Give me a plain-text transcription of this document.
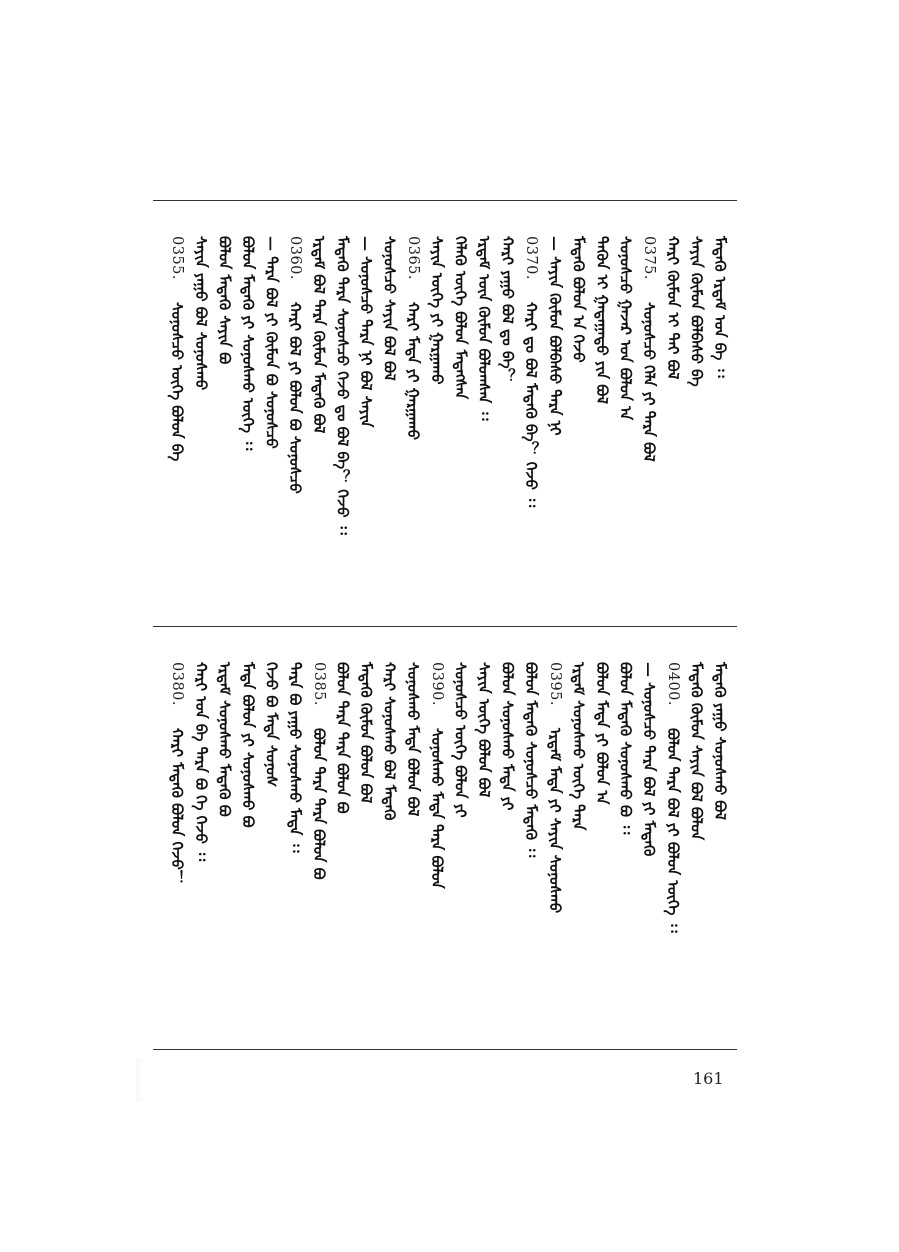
ᠮᠡᠳᠡᠬᠦ ᠡᠷᠳᠡᠮ ᠤᠨ ᠪᠠ ᠄᠄
ᠰᠠᠶᠢᠨ ᠬᠦᠮᠦᠨ ᠪᠣᠯᠪᠠᠰᠤ ᠪᠡ
ᠬᠠᠷᠢ ᠬᠦᠮᠦᠨ ᠢ ᠲᠡᠢ ᠪᠣᠯ
0375.
ᠰᠣᠨᠣᠰᠴᠤ ᠬᠡᠯᠡ ᠶᠢ ᠲᠡᠷᠡ ᠪᠣᠯ
ᠰᠣᠨᠣᠰᠴᠤ ᠭᠠᠵᠠᠷ ᠤᠨ ᠪᠣᠯᠤᠨ ᠠ
ᠲᠡᠭᠦᠨ ᠢ ᠭᠠᠳᠠᠭᠠᠳᠤ ᠶᠢᠨ ᠪᠣᠯ
ᠮᠡᠳᠡᠬᠦ ᠪᠣᠯᠤᠨ ᠠ ᠭᠡᠵᠦ
— ᠰᠠᠶᠢᠨ ᠬᠦᠮᠦᠨ ᠪᠣᠯᠪᠠᠰᠤ ᠲᠡᠷᠡ ᠨᠢ
0370.
ᠬᠠᠷᠢ ᠳᠤ ᠪᠣᠯ ᠮᠡᠳᠡᠬᠦ ᠪᠠ？ ᠭᠡᠵᠦ ᠄᠄
ᠬᠠᠷᠢ ᠶᠠᠭᠤ ᠪᠣᠯ ᠳᠤ ᠪᠠ？
ᠡᠷᠳᠡᠮ ᠦᠨ ᠬᠦᠮᠦᠨ ᠪᠣᠯᠤᠭᠰᠠᠨ ᠄᠄
ᠬᠡᠯᠡᠬᠦ ᠦᠭᠡ ᠪᠣᠯᠤᠨ ᠮᠡᠳᠡᠭᠰᠡᠨ
ᠰᠠᠶᠢᠨ ᠦᠭᠡ ᠶᠢ ᠭᠠᠷᠭᠠᠬᠤ
0365.
ᠬᠠᠷᠢ ᠮᠡᠳᠡ ᠶᠢ ᠭᠠᠷᠭᠠᠬᠤ
ᠰᠣᠨᠣᠰᠴᠤ ᠰᠠᠶᠢᠨ ᠪᠣᠯ ᠪᠣᠯ
— ᠰᠣᠨᠣᠰᠴᠤ ᠲᠡᠷᠡ ᠨᠢ ᠪᠣᠯ ᠰᠠᠶᠢᠨ
ᠮᠡᠳᠡᠬᠦ ᠲᠡᠷᠡ ᠰᠣᠨᠣᠰᠴᠤ ᠭᠡᠵᠦ ᠳᠤ ᠪᠣᠯ ᠪᠠ？ ᠭᠡᠵᠦ ᠄᠄
ᠡᠷᠳᠡᠮ ᠪᠣᠯ ᠲᠡᠷᠡ ᠬᠦᠮᠦᠨ ᠮᠡᠳᠡᠬᠦ ᠪᠣᠯ
0360.
ᠬᠠᠷᠢ ᠪᠣᠯ ᠶᠢ ᠪᠣᠯᠤᠨ ᠪᠣ ᠰᠣᠨᠣᠰᠴᠤ
— ᠲᠡᠷᠡ ᠪᠣᠯ ᠶᠢ ᠬᠦᠮᠦᠨ ᠪᠣ ᠰᠣᠨᠣᠰᠴᠤ
ᠪᠣᠯᠤᠨ ᠮᠡᠳᠡᠬᠦ ᠶᠢ ᠰᠣᠨᠣᠰᠬᠤ ᠦᠭᠡ ᠄᠄
ᠪᠣᠯᠤᠨ ᠮᠡᠳᠡᠬᠦ ᠰᠠᠶᠢᠨ ᠪᠣ
ᠰᠠᠶᠢᠨ ᠶᠠᠭᠤ ᠪᠣᠯ ᠰᠣᠨᠣᠰᠬᠤ
0355.
ᠰᠣᠨᠣᠰᠴᠤ ᠦᠭᠡ ᠪᠣᠯᠤᠨ ᠪᠠ
ᠮᠡᠳᠡᠬᠦ ᠶᠠᠭᠤ ᠰᠣᠨᠣᠰᠬᠤ ᠪᠣᠯ
ᠮᠡᠳᠡᠬᠦ ᠬᠦᠮᠦᠨ ᠰᠠᠶᠢᠨ ᠪᠣᠯ ᠪᠣᠯᠤᠨ
0400.
ᠪᠣᠯᠤᠨ ᠲᠡᠷᠡ ᠪᠣᠯ ᠶᠢ ᠪᠣᠯᠤᠨ ᠦᠭᠡ ᠄᠄
— ᠰᠣᠨᠣᠰᠴᠤ ᠲᠡᠷᠡ ᠪᠣᠯ ᠶᠢ ᠮᠡᠳᠡᠬᠦ
ᠪᠣᠯᠤᠨ ᠮᠡᠳᠡᠬᠦ ᠰᠣᠨᠣᠰᠬᠤ ᠪᠣ ᠄᠄
ᠪᠣᠯᠤᠨ ᠮᠡᠳᠡ ᠶᠢ ᠪᠣᠯᠤᠨ ᠠ
ᠡᠷᠳᠡᠮ ᠰᠣᠨᠣᠰᠬᠤ ᠦᠭᠡ ᠲᠡᠷᠡ
0395.
ᠡᠷᠳᠡᠮ ᠮᠡᠳᠡ ᠶᠢ ᠰᠠᠶᠢᠨ ᠰᠣᠨᠣᠰᠬᠤ
ᠪᠣᠯᠤᠨ ᠮᠡᠳᠡᠬᠦ ᠰᠣᠨᠣᠰᠴᠤ ᠮᠡᠳᠡᠬᠦ ᠄᠄
ᠪᠣᠯᠤᠨ ᠰᠣᠨᠣᠰᠬᠤ ᠮᠡᠳᠡ ᠶᠢ
ᠰᠠᠶᠢᠨ ᠦᠭᠡ ᠪᠣᠯᠤᠨ ᠪᠣᠯ
ᠰᠣᠨᠣᠰᠴᠤ ᠦᠭᠡ ᠪᠣᠯᠤᠨ ᠶᠢ
0390.
ᠰᠣᠨᠣᠰᠬᠤ ᠮᠡᠳᠡ ᠲᠡᠷᠡ ᠪᠣᠯᠤᠨ
ᠰᠣᠨᠣᠰᠬᠤ ᠮᠡᠳᠡ ᠪᠣᠯᠤᠨ ᠪᠣᠯ
ᠬᠠᠷᠢ ᠰᠣᠨᠣᠰᠬᠤ ᠪᠣᠯ ᠮᠡᠳᠡᠬᠦ
ᠮᠡᠳᠡᠬᠦ ᠬᠦᠮᠦᠨ ᠪᠣᠯᠤᠨ ᠪᠣᠯ
ᠪᠣᠯᠤᠨ ᠲᠡᠷᠡ ᠲᠡᠷᠡ ᠪᠣᠯᠤᠨ ᠪᠣ
0385.
ᠪᠣᠯᠤᠨ ᠲᠡᠷᠡ ᠲᠡᠷᠡ ᠪᠣᠯᠤᠨ ᠪᠣ
ᠲᠡᠷᠡ ᠪᠣ ᠶᠠᠭᠤ ᠰᠣᠨᠣᠰᠬᠤ ᠮᠡᠳᠡ ᠄᠄
ᠭᠡᠵᠦ ᠪᠣ ᠮᠡᠳᠡ ᠰᠣᠨᠣᠰ
ᠮᠡᠳᠡ ᠪᠣᠯᠤᠨ ᠶᠢ ᠰᠣᠨᠣᠰᠬᠤ ᠪᠣ
ᠡᠷᠳᠡᠮ ᠰᠣᠨᠣᠰᠬᠤ ᠮᠡᠳᠡᠬᠦ ᠪᠣ
ᠬᠠᠷᠢ ᠤᠨ ᠪᠠ ᠲᠡᠷᠡ ᠪᠣ ᠭᠡ ᠭᠡᠵᠦ ᠄᠄
0380.
ᠬᠠᠷᠢ ᠮᠡᠳᠡᠬᠦ ᠪᠣᠯᠤᠨ ᠭᠡᠵᠦ！
161
